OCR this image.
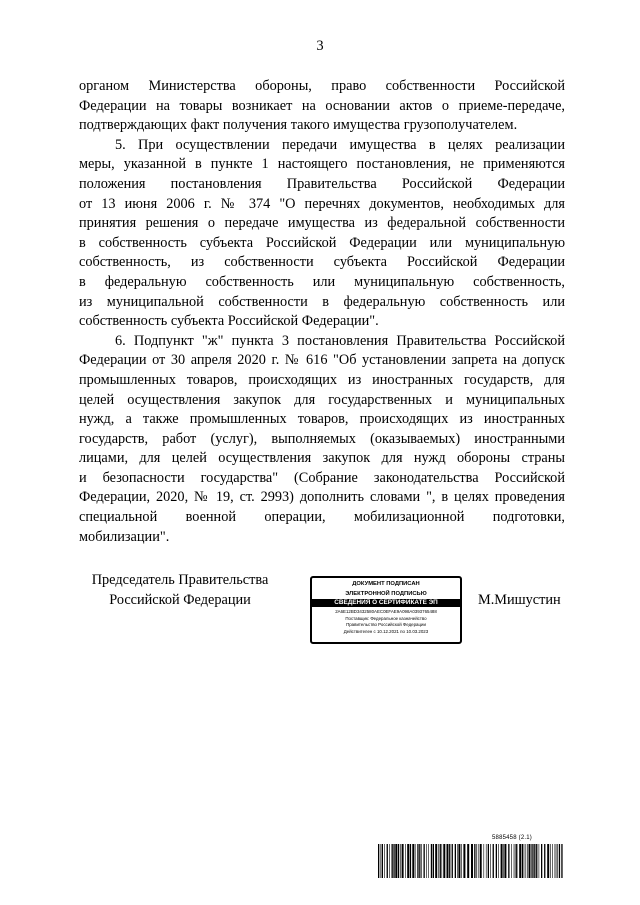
3

органом Министерства обороны, право собственности Российской
Федерации на товары возникает на основании актов о приеме-передаче,
подтверждающих факт получения такого имущества грузополучателем.

5. При осуществлении передачи имущества в целях реализации
меры, указанной в пункте 1 настоящего постановления, не применяются
положения постановления Правительства Российской Федерации
от 13 июня 2006 г. № 374 "О перечнях документов, необходимых для
принятия решения о передаче имущества из федеральной собственности
в собственность субъекта Российской Федерации или муниципальную
собственность, из собственности субъекта Российской Федерации
в федеральную собственность или муниципальную собственность,
из муниципальной собственности в федеральную собственность или
собственность субъекта Российской Федерации".

6. Подпункт "ж" пункта 3 постановления Правительства Российской
Федерации от 30 апреля 2020 г. № 616 "Об установлении запрета на допуск
промышленных товаров, происходящих из иностранных государств, для
целей осуществления закупок для государственных и муниципальных
нужд, а также промышленных товаров, происходящих из иностранных
государств, работ (услуг), выполняемых (оказываемых) иностранными
лицами, для целей осуществления закупок для нужд обороны страны
и безопасности государства" (Собрание законодательства Российской
Федерации, 2020, № 19, ст. 2993) дополнить словами ", в целях проведения
специальной военной операции, мобилизационной подготовки,
мобилизации".

Председатель Правительства
Российской Федерации
ДОКУМЕНТ ПОДПИСАН
ЭЛЕКТРОННОЙ ПОДПИСЬЮ
СВЕДЕНИЯ О СЕРТИФИКАТЕ ЭП
2A6E12BD3432580AEC0EFAE9A098A0393765488
Поставщик: Федеральное казначейство
Правительство Российской Федерации
Действителен с 10.12.2021 по 10.03.2023
М.Мишустин
5885458 (2.1)
